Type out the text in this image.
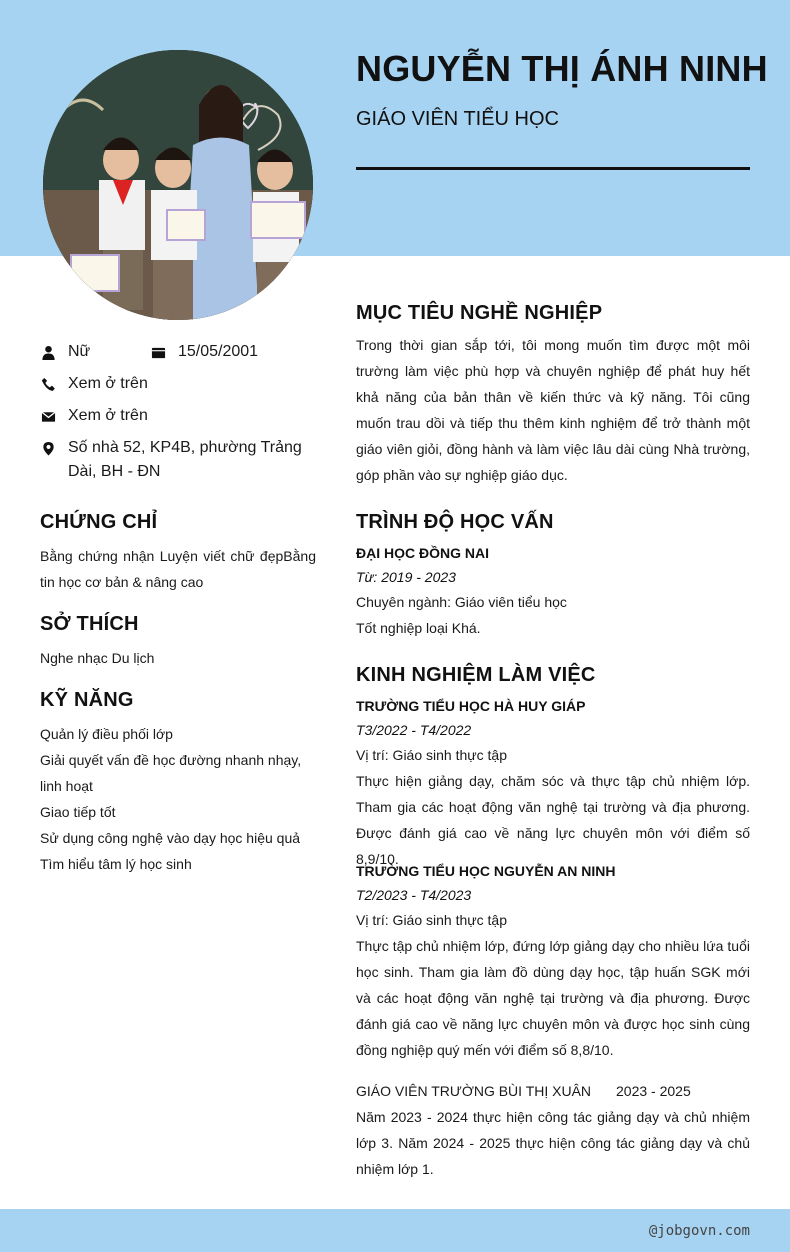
NGUYỄN THỊ ÁNH NINH
GIÁO VIÊN TIỂU HỌC
Nữ	15/05/2001
Xem ở trên
Xem ở trên
Số nhà 52, KP4B, phường Trảng
Dài, BH - ĐN
CHỨNG CHỈ
Bằng chứng nhận Luyện viết chữ đẹpBằng
tin học cơ bản & nâng cao
SỞ THÍCH
Nghe nhạc Du lịch
KỸ NĂNG
Quản lý điều phối lớp
Giải quyết vấn đề học đường nhanh nhạy, linh hoạt
Giao tiếp tốt
Sử dụng công nghệ vào dạy học hiệu quả
Tìm hiểu tâm lý học sinh
MỤC TIÊU NGHỀ NGHIỆP
Trong thời gian sắp tới, tôi mong muốn tìm được một môi trường làm việc phù hợp và chuyên nghiệp để phát huy hết khả năng của bản thân về kiến thức và kỹ năng. Tôi cũng muốn trau dồi và tiếp thu thêm kinh nghiệm để trở thành một giáo viên giỏi, đồng hành và làm việc lâu dài cùng Nhà trường, góp phần vào sự nghiệp giáo dục.
TRÌNH ĐỘ HỌC VẤN
ĐẠI HỌC ĐỒNG NAI
Từ: 2019 - 2023
Chuyên ngành: Giáo viên tiểu học
Tốt nghiệp loại Khá.
KINH NGHIỆM LÀM VIỆC
TRƯỜNG TIỂU HỌC HÀ HUY GIÁP
T3/2022 - T4/2022
Vị trí: Giáo sinh thực tập
Thực hiện giảng dạy, chăm sóc và thực tập chủ nhiệm lớp. Tham gia các hoạt động văn nghệ tại trường và địa phương. Được đánh giá cao về năng lực chuyên môn với điểm số 8,9/10.
TRƯỜNG TIỂU HỌC NGUYỄN AN NINH
T2/2023 - T4/2023
Vị trí: Giáo sinh thực tập
Thực tập chủ nhiệm lớp, đứng lớp giảng dạy cho nhiều lứa tuổi học sinh. Tham gia làm đồ dùng dạy học, tập huấn SGK mới và các hoạt động văn nghệ tại trường và địa phương. Được đánh giá cao về năng lực chuyên môn và được học sinh cùng đồng nghiệp quý mến với điểm số 8,8/10.
GIÁO VIÊN TRƯỜNG BÙI THỊ XUÂN 2023 - 2025
Năm 2023 - 2024 thực hiện công tác giảng dạy và chủ nhiệm lớp 3. Năm 2024 - 2025 thực hiện công tác giảng dạy và chủ nhiệm lớp 1.
@jobgovn.com
